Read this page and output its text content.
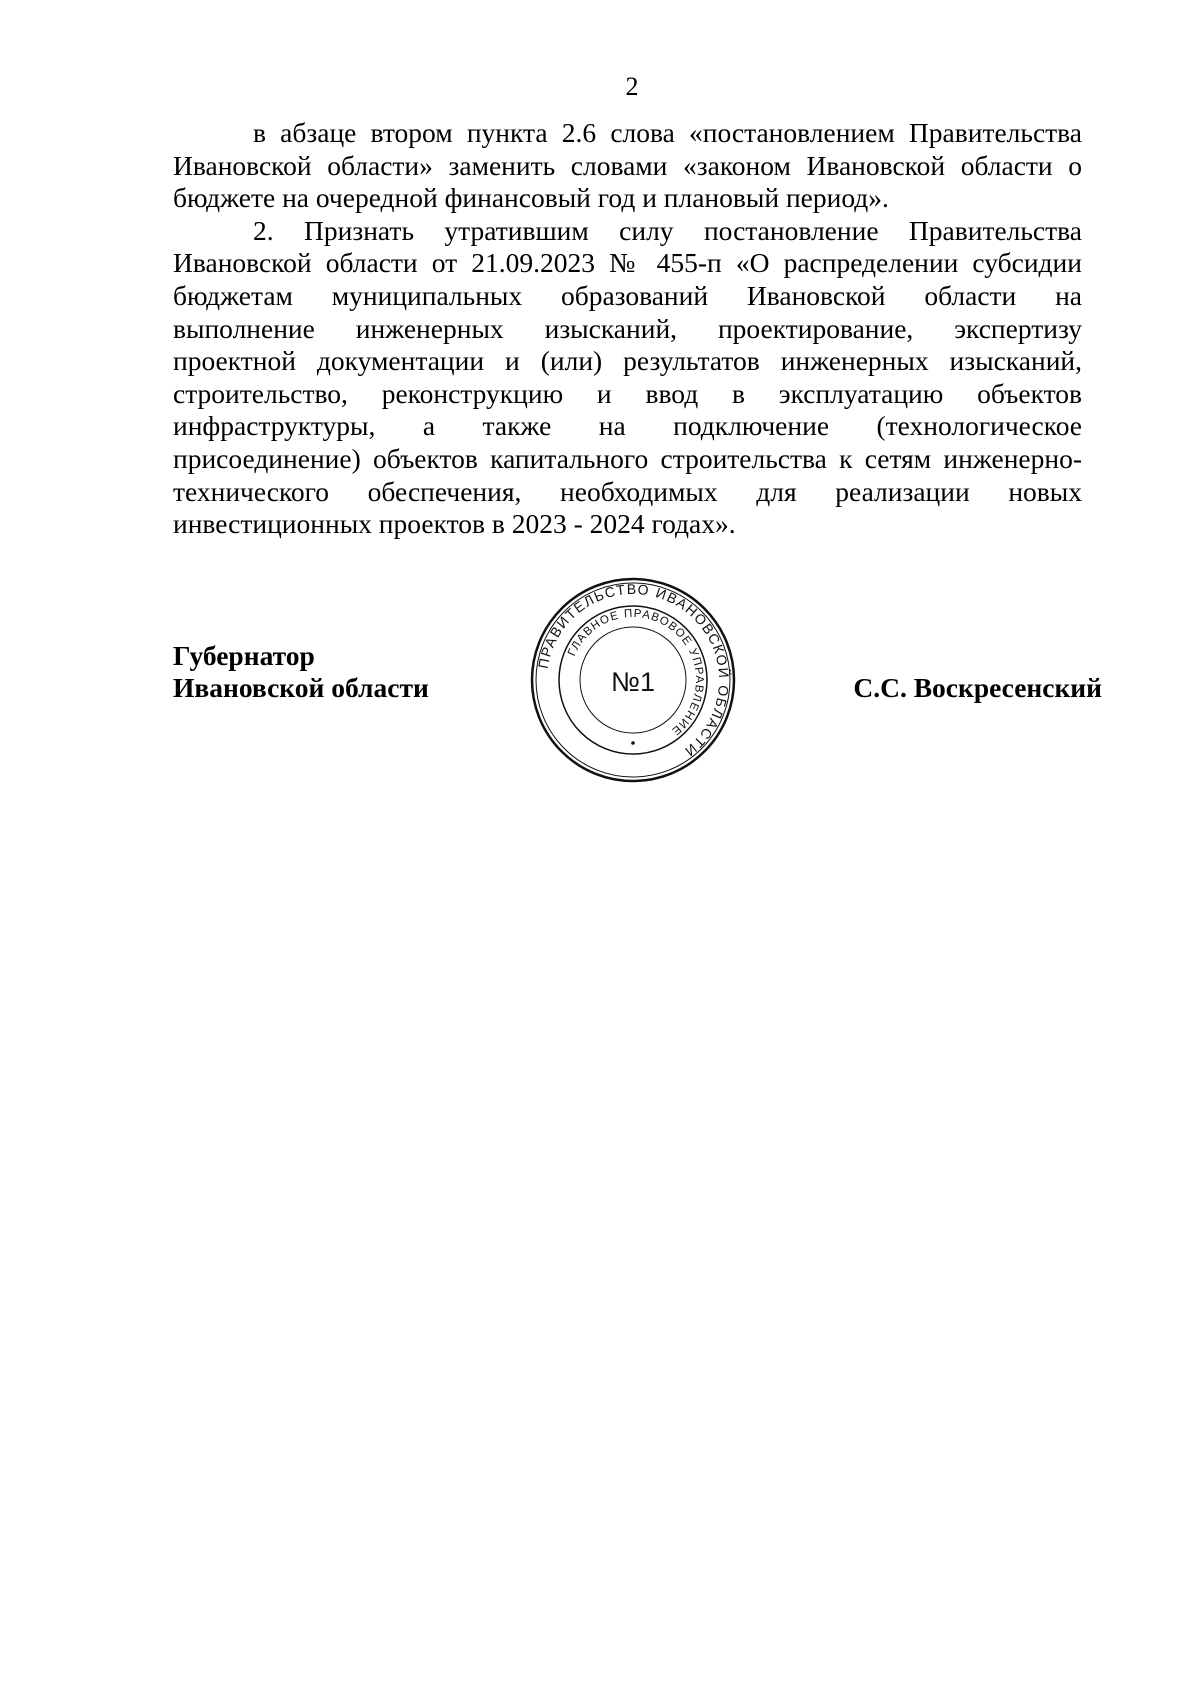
2
в абзаце втором пункта 2.6 слова «постановлением Правительства
Ивановской области» заменить словами «законом Ивановской области о
бюджете на очередной финансовый год и плановый период».
2. Признать утратившим силу постановление Правительства
Ивановской области от 21.09.2023 № 455-п «О распределении субсидии
бюджетам муниципальных образований Ивановской области на
выполнение инженерных изысканий, проектирование, экспертизу
проектной документации и (или) результатов инженерных изысканий,
строительство, реконструкцию и ввод в эксплуатацию объектов
инфраструктуры, а также на подключение (технологическое
присоединение) объектов капитального строительства к сетям инженерно-
технического обеспечения, необходимых для реализации новых
инвестиционных проектов в 2023 - 2024 годах».
Губернатор
Ивановской области
ПРАВИТЕЛЬСТВО ИВАНОВСКОЙ ОБЛАСТИ
ГЛАВНОЕ ПРАВОВОЕ УПРАВЛЕНИЕ
№1	С.С. Воскресенский
